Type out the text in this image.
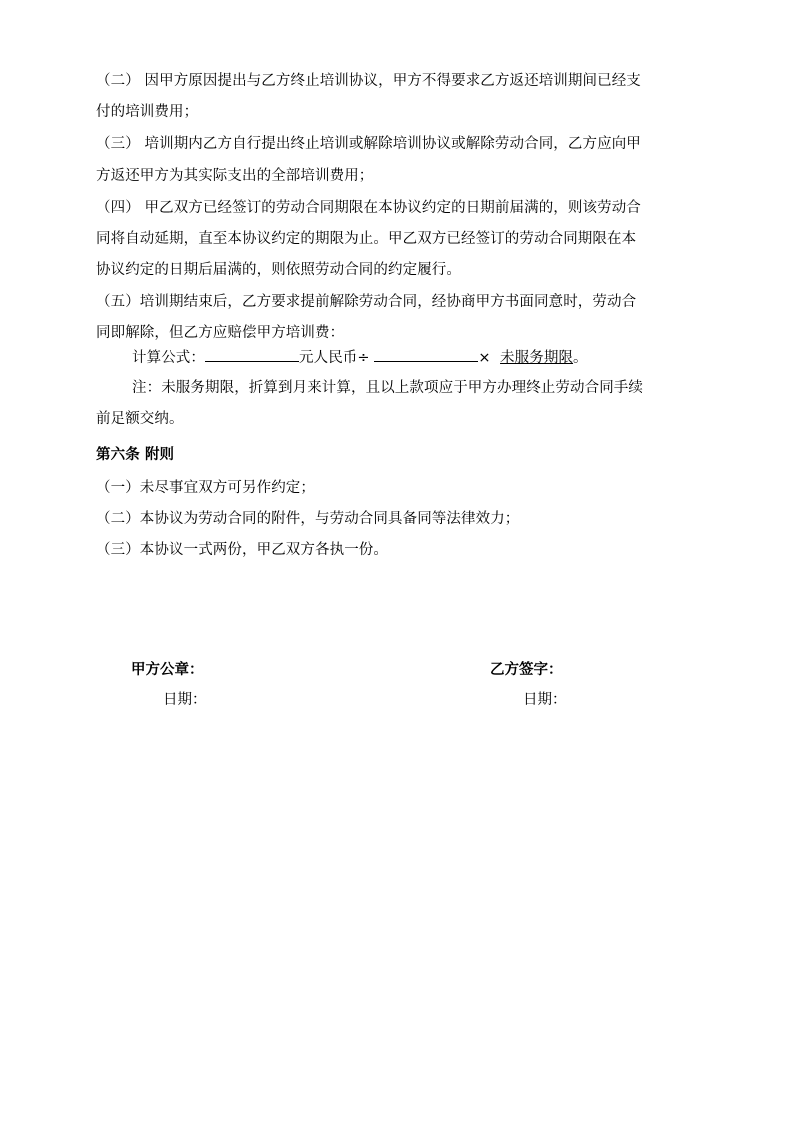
（二） 因甲方原因提出与乙方终止培训协议，甲方不得要求乙方返还培训期间已经支
付的培训费用；
（三） 培训期内乙方自行提出终止培训或解除培训协议或解除劳动合同，乙方应向甲
方返还甲方为其实际支出的全部培训费用；
（四） 甲乙双方已经签订的劳动合同期限在本协议约定的日期前届满的，则该劳动合
同将自动延期，直至本协议约定的期限为止。甲乙双方已经签订的劳动合同期限在本
协议约定的日期后届满的，则依照劳动合同的约定履行。
（五）培训期结束后，乙方要求提前解除劳动合同，经协商甲方书面同意时，劳动合
同即解除，但乙方应赔偿甲方培训费：
计算公式：	元人民币÷	× 未服务期限。
注：未服务期限，折算到月来计算，且以上款项应于甲方办理终止劳动合同手续
前足额交纳。
第六条 附则
（一）未尽事宜双方可另作约定；
（二）本协议为劳动合同的附件，与劳动合同具备同等法律效力；
（三）本协议一式两份，甲乙双方各执一份。
甲方公章：
日期：
乙方签字：
日期：
